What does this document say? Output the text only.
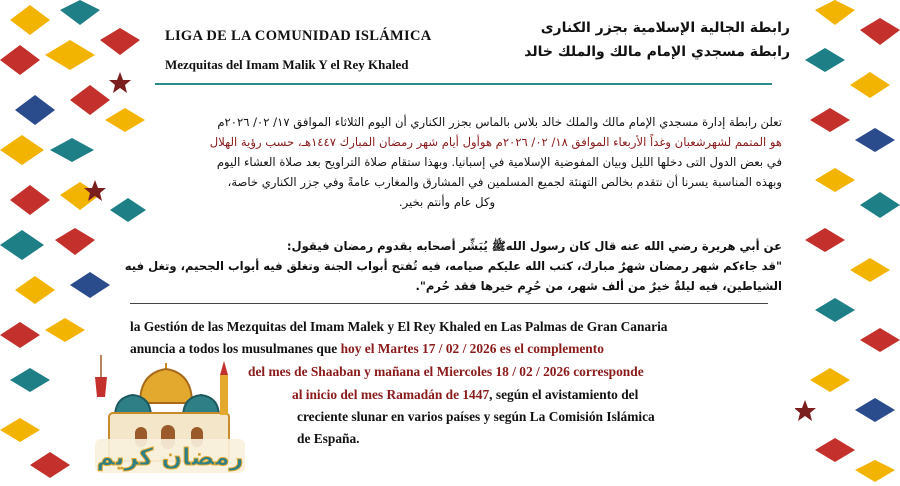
LIGA DE LA COMUNIDAD ISLÁMICA
Mezquitas del Imam Malik Y el Rey Khaled
رابطة الجالية الإسلامية بجزر الكنارى
رابطة مسجدي الإمام مالك والملك خالد
تعلن رابطة إدارة مسجدي الإمام مالك والملك خالد بلاس بالماس بجزر الكناري أن اليوم الثلاثاء الموافق ١٧/ ٠٢/ ٢٠٢٦م
هو المتمم لشهرشعبان وغداً الأربعاء الموافق ١٨/ ٠٢/ ٢٠٢٦م هوأول أيام شهر رمضان المبارك ١٤٤٧هـ، حسب رؤية الهلال
في بعض الدول التى دخلها الليل وبيان المفوضية الإسلامية في إسبانيا. وبهذا ستقام صلاة التراويح بعد صلاة العشاء اليوم
وبهذه المناسبة يسرنا أن نتقدم بخالص التهنئة لجميع المسلمين في المشارق والمغارب عامةً وفي جزر الكناري خاصة،
وكل عام وأنتم بخير.
عن أبي هريرة رضي الله عنه قال كان رسول اللهﷺ يُبَشِّر أصحابه بقدوم رمضان فيقول:
"قد جاءكم شهر رمضان شهرٌ مبارك، كتب الله عليكم صيامه، فيه تُفتح أبواب الجنة وتغلق فيه أبواب الجحيم، وتغل فيه
الشياطين، فيه ليلةٌ خيرٌ من ألف شهر، من حُرِم خيرها فقد حُرم".
la Gestión de las Mezquitas del Imam Malek y El Rey Khaled en Las Palmas de Gran Canaria
anuncia a todos los musulmanes que hoy el Martes 17 / 02 / 2026 es el complemento
del mes de Shaaban y mañana el Miercoles 18 / 02 / 2026 corresponde
al inicio del mes Ramadán de 1447, según el avistamiento del
creciente slunar en varios países y según La Comisión Islámica
de España.
رمضان كريم
